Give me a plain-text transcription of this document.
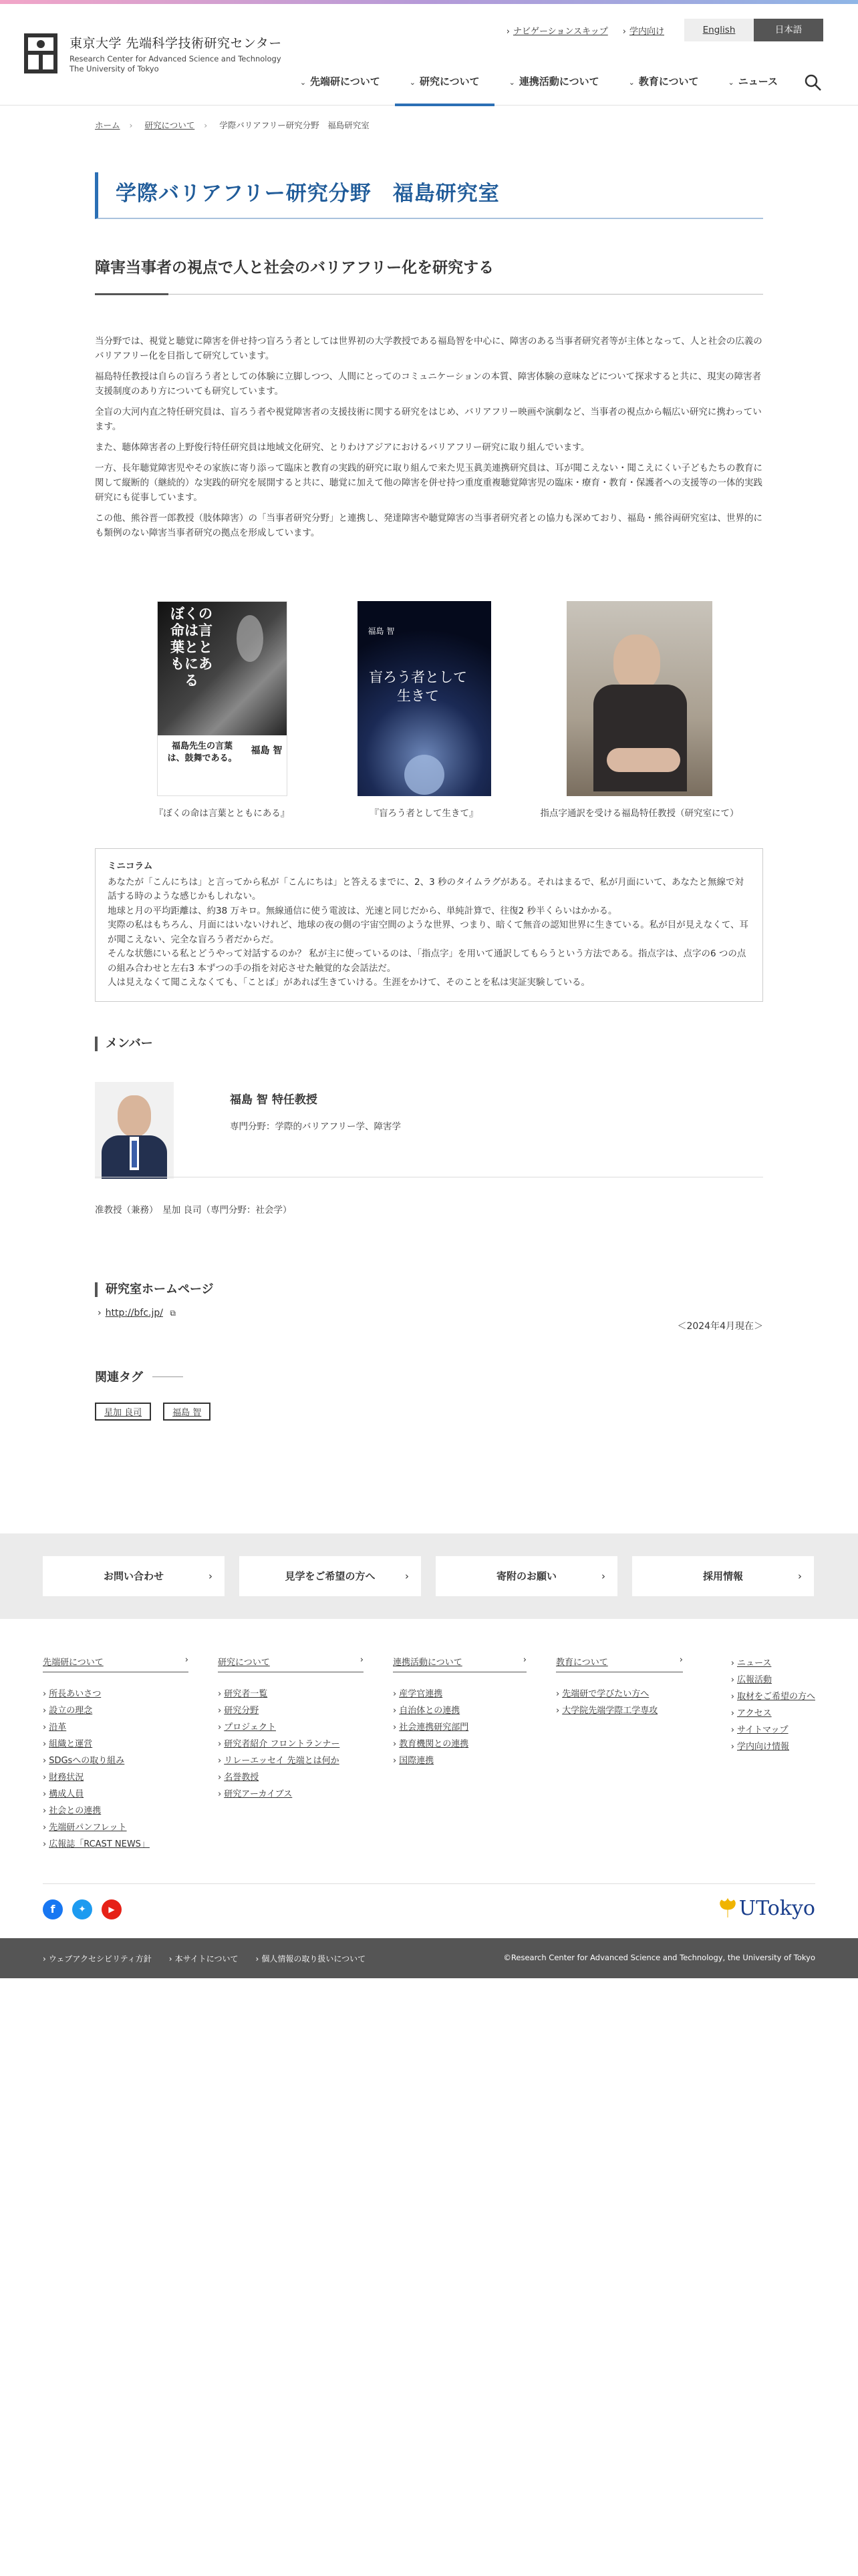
東京大学 先端科学技術研究センター
Research Center for Advanced Science and Technology
The University of Tokyo
› ナビゲーションスキップ	› 学内向け	English	日本語
⌄ 先端研について	⌄ 研究について	⌄ 連携活動について	⌄ 教育について	⌄ ニュース
ホーム › 研究について › 学際バリアフリー研究分野　福島研究室
学際バリアフリー研究分野　福島研究室
障害当事者の視点で人と社会のバリアフリー化を研究する

当分野では、視覚と聴覚に障害を併せ持つ盲ろう者としては世界初の大学教授である福島智を中心に、障害のある当事者研究者等が主体となって、人と社会の広義のバリアフリー化を目指して研究しています。

福島特任教授は自らの盲ろう者としての体験に立脚しつつ、人間にとってのコミュニケーションの本質、障害体験の意味などについて探求すると共に、現実の障害者支援制度のあり方についても研究しています。

全盲の大河内直之特任研究員は、盲ろう者や視覚障害者の支援技術に関する研究をはじめ、バリアフリー映画や演劇など、当事者の視点から幅広い研究に携わっています。

また、聴体障害者の上野俊行特任研究員は地域文化研究、とりわけアジアにおけるバリアフリー研究に取り組んでいます。

一方、長年聴覚障害児やその家族に寄り添って臨床と教育の実践的研究に取り組んで来た児玉眞美連携研究員は、耳が聞こえない・聞こえにくい子どもたちの教育に関して縦断的（継続的）な実践的研究を展開すると共に、聴覚に加えて他の障害を併せ持つ重度重複聴覚障害児の臨床・療育・教育・保護者への支援等の一体的実践研究にも従事しています。

この他、熊谷晋一郎教授（肢体障害）の「当事者研究分野」と連携し、発達障害や聴覚障害の当事者研究者との協力も深めており、福島・熊谷両研究室は、世界的にも類例のない障害当事者研究の拠点を形成しています。

ぼくの命は言葉とともにある
福島先生の言葉は、鼓舞である。
福島 智
『ぼくの命は言葉とともにある』
福島 智
盲ろう者として生きて
『盲ろう者として生きて』	指点字通訳を受ける福島特任教授（研究室にて）
ミニコラム
あなたが「こんにちは」と言ってから私が「こんにちは」と答えるまでに、2、3 秒のタイムラグがある。それはまるで、私が月面にいて、あなたと無線で対話する時のような感じかもしれない。
地球と月の平均距離は、約38 万キロ。無線通信に使う電波は、光速と同じだから、単純計算で、往復2 秒半くらいはかかる。
実際の私はもちろん、月面にはいないけれど、地球の夜の側の宇宙空間のような世界、つまり、暗くて無音の認知世界に生きている。私が目が見えなくて、耳が聞こえない、完全な盲ろう者だからだ。
そんな状態にいる私とどうやって対話するのか？ 私が主に使っているのは、「指点字」を用いて通訳してもらうという方法である。指点字は、点字の6 つの点の組み合わせと左右3 本ずつの手の指を対応させた触覚的な会話法だ。
人は見えなくて聞こえなくても、「ことば」があれば生きていける。生涯をかけて、そのことを私は実証実験している。
メンバー
福島 智 特任教授
専門分野：学際的バリアフリー学、障害学
准教授（兼務）　星加 良司（専門分野：社会学）
研究室ホームページ
› http://bfc.jp/ ⧉
＜2024年4月現在＞
関連タグ
星加 良司	福島 智
お問い合わせ ›	見学をご希望の方へ ›	寄附のお願い ›	採用情報 ›
先端研について ›
› 所長あいさつ
› 設立の理念
› 沿革
› 組織と運営
› SDGsへの取り組み
› 財務状況
› 構成人員
› 社会との連携
› 先端研パンフレット
› 広報誌「RCAST NEWS」
研究について ›
› 研究者一覧
› 研究分野
› プロジェクト
› 研究者紹介 フロントランナー
› リレーエッセイ 先端とは何か
› 名誉教授
› 研究アーカイブス
連携活動について ›
› 産学官連携
› 自治体との連携
› 社会連携研究部門
› 教育機関との連携
› 国際連携
教育について ›
› 先端研で学びたい方へ
› 大学院先端学際工学専攻
› ニュース
› 広報活動
› 取材をご希望の方へ
› アクセス
› サイトマップ
› 学内向け情報
f	✦	▶	UTokyo
› ウェブアクセシビリティ方針	› 本サイトについて	› 個人情報の取り扱いについて	©Research Center for Advanced Science and Technology, the University of Tokyo
